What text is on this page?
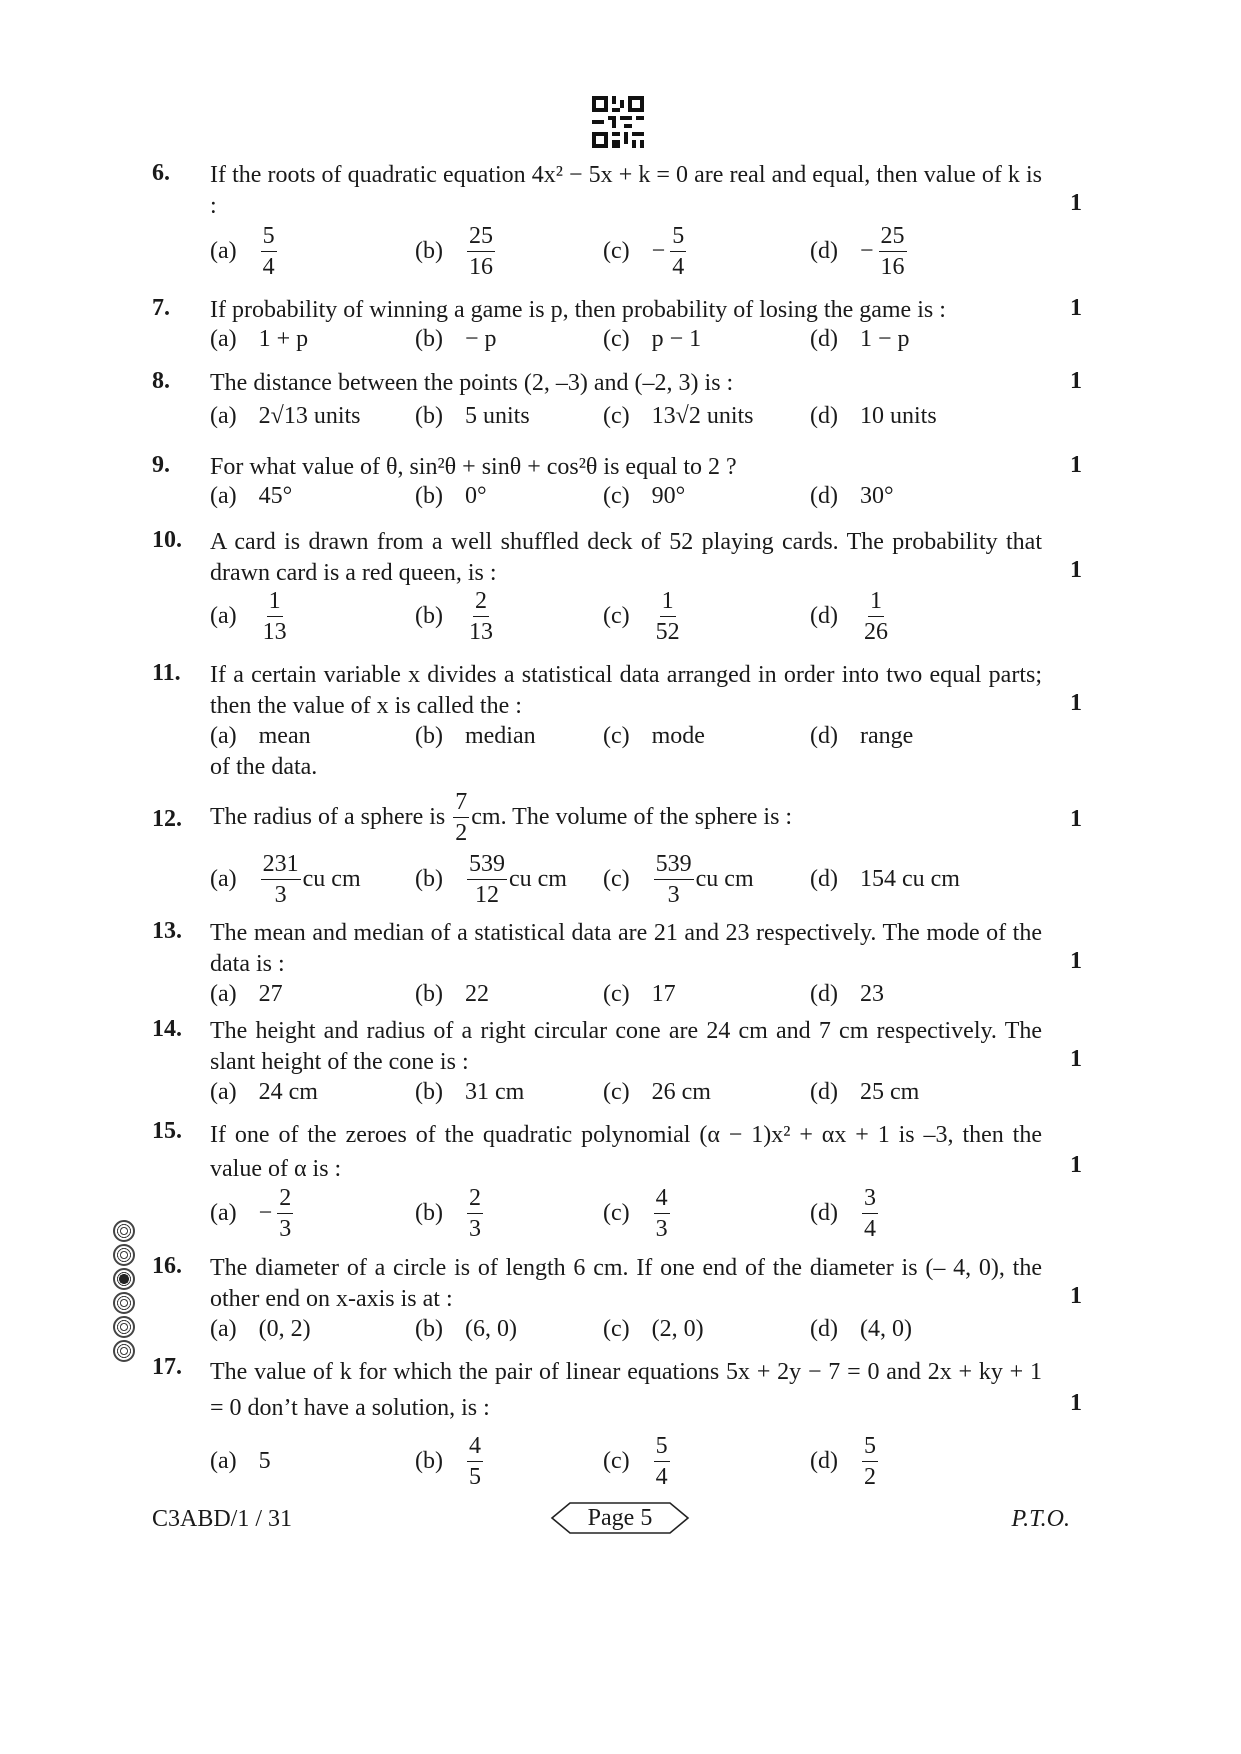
6. If the roots of quadratic equation 4x² − 5x + k = 0 are real and equal, then value of k is :	1
$(a) \frac{5}{4}$	$(b) \frac{25}{16}$	$(c) - \frac{5}{4}$	$(d) - \frac{25}{16}$
7. If probability of winning a game is p, then probability of losing the game is :	1
(a) 1 + p	(b) − p	(c) p − 1	(d) 1 − p
8. The distance between the points (2, –3) and (–2, 3) is :	1
(a) 2√13 units (b) 5 units	(c) 13√2 units (d) 10 units
9. For what value of θ, sin²θ + sinθ + cos²θ is equal to 2 ?	1
(a) 45°	(b) 0°	(c) 90°	(d) 30°
10. A card is drawn from a well shuffled deck of 52 playing cards. The probability that drawn card is a red queen, is :	1
$(a) \frac{1}{13}$	$(b) \frac{2}{13}$	$(c) \frac{1}{52}$	$(d) \frac{1}{26}$
11. If a certain variable x divides a statistical data arranged in order into two equal parts; then the value of x is called the :	1
(a) mean	(b) median	(c) mode	(d) range
of the data.
12. The radius of a sphere is
$\frac{7}{2}$ cm. The volume of the sphere is :	1
$(a) \frac{231}{3}$ cu cm $(b) \frac{539}{12}$ cu cm $(c) \frac{539}{3}$ cu cm (d) 154 cu cm
13. The mean and median of a statistical data are 21 and 23 respectively. The mode of the data is :	1
(a) 27	(b) 22	(c) 17	(d) 23
14. The height and radius of a right circular cone are 24 cm and 7 cm respectively. The slant height of the cone is :	1
(a) 24 cm	(b) 31 cm	(c) 26 cm	(d) 25 cm
15. If one of the zeroes of the quadratic polynomial (α − 1)x² + αx + 1 is –3, then the value of α is :	1
$(a) - \frac{2}{3}$	$(b) \frac{2}{3}$	$(c) \frac{4}{3}$	$(d) \frac{3}{4}$
16. The diameter of a circle is of length 6 cm. If one end of the diameter is (– 4, 0), the other end on x-axis is at :	1
(a) (0, 2)	(b) (6, 0)	(c) (2, 0)	(d) (4, 0)
17. The value of k for which the pair of linear equations 5x + 2y − 7 = 0 and 2x + ky + 1 = 0 don’t have a solution, is :	1
(a) 5	$(b) \frac{4}{5}$	$(c) \frac{5}{4}$	$(d) \frac{5}{2}$
C3ABD/1 / 31	Page 5	P.T.O.
